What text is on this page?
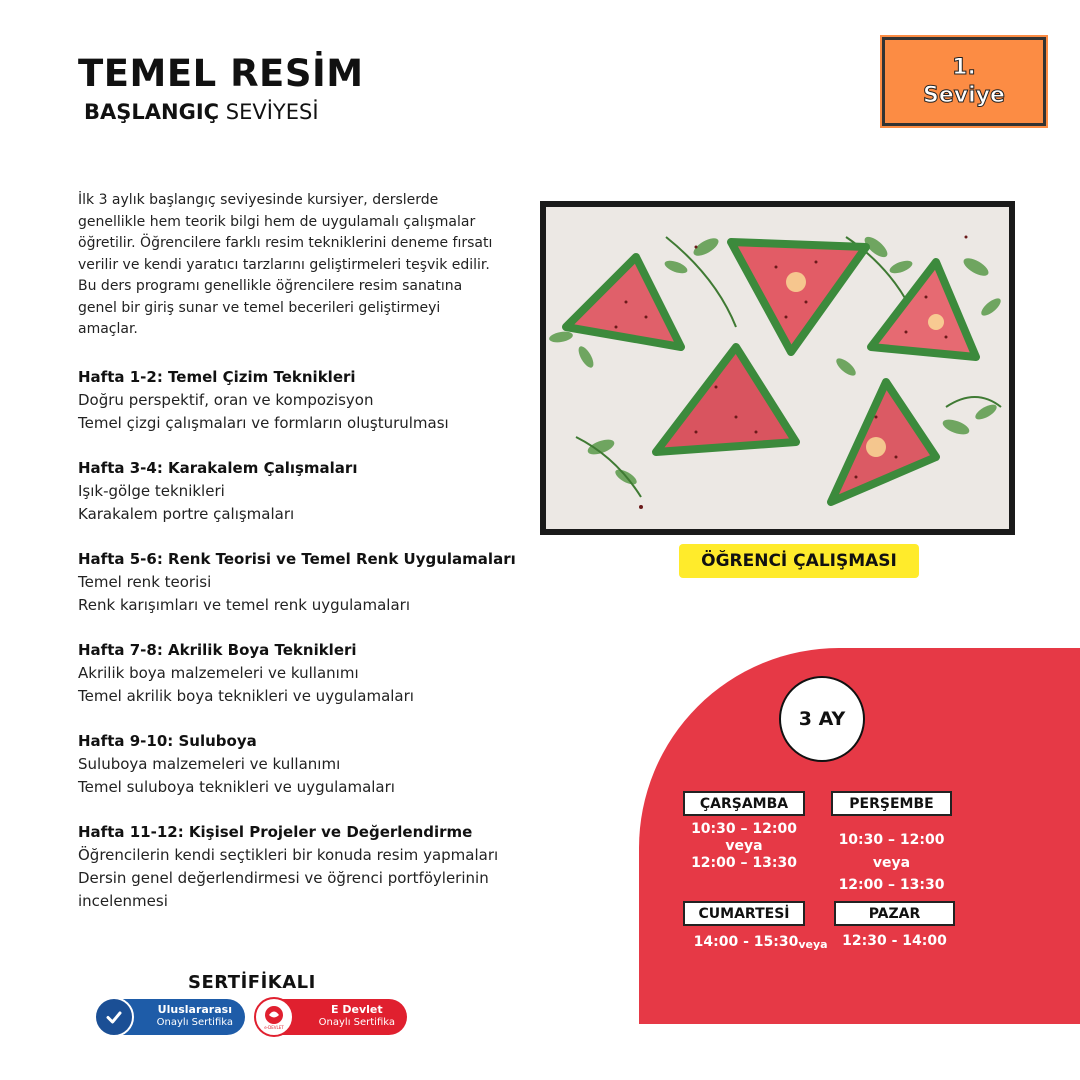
TEMEL RESİM
BAŞLANGIÇ SEVİYESİ
1.
Seviye

İlk 3 aylık başlangıç seviyesinde kursiyer, derslerde genellikle hem teorik bilgi hem de uygulamalı çalışmalar öğretilir. Öğrencilere farklı resim tekniklerini deneme fırsatı verilir ve kendi yaratıcı tarzlarını geliştirmeleri teşvik edilir. Bu ders programı genellikle öğrencilere resim sanatına genel bir giriş sunar ve temel becerileri geliştirmeyi amaçlar.

Hafta 1-2: Temel Çizim Teknikleri
Doğru perspektif, oran ve kompozisyon
Temel çizgi çalışmaları ve formların oluşturulması
Hafta 3-4: Karakalem Çalışmaları
Işık-gölge teknikleri
Karakalem portre çalışmaları
Hafta 5-6: Renk Teorisi ve Temel Renk Uygulamaları
Temel renk teorisi
Renk karışımları ve temel renk uygulamaları
Hafta 7-8: Akrilik Boya Teknikleri
Akrilik boya malzemeleri ve kullanımı
Temel akrilik boya teknikleri ve uygulamaları
Hafta 9-10: Suluboya
Suluboya malzemeleri ve kullanımı
Temel suluboya teknikleri ve uygulamaları
Hafta 11-12: Kişisel Projeler ve Değerlendirme
Öğrencilerin kendi seçtikleri bir konuda resim yapmaları
Dersin genel değerlendirmesi ve öğrenci portföylerinin incelenmesi
ÖĞRENCİ ÇALIŞMASI
3 AY
ÇARŞAMBA
10:30 – 12:00
veya
12:00 – 13:30
PERŞEMBE
10:30 – 12:00
veya
12:00 – 13:30
CUMARTESİ
14:00 - 15:30 veya
PAZAR
12:30 - 14:00
SERTİFİKALI
Uluslararası
Onaylı Sertifika	e-DEVLET
E Devlet
Onaylı Sertifika
